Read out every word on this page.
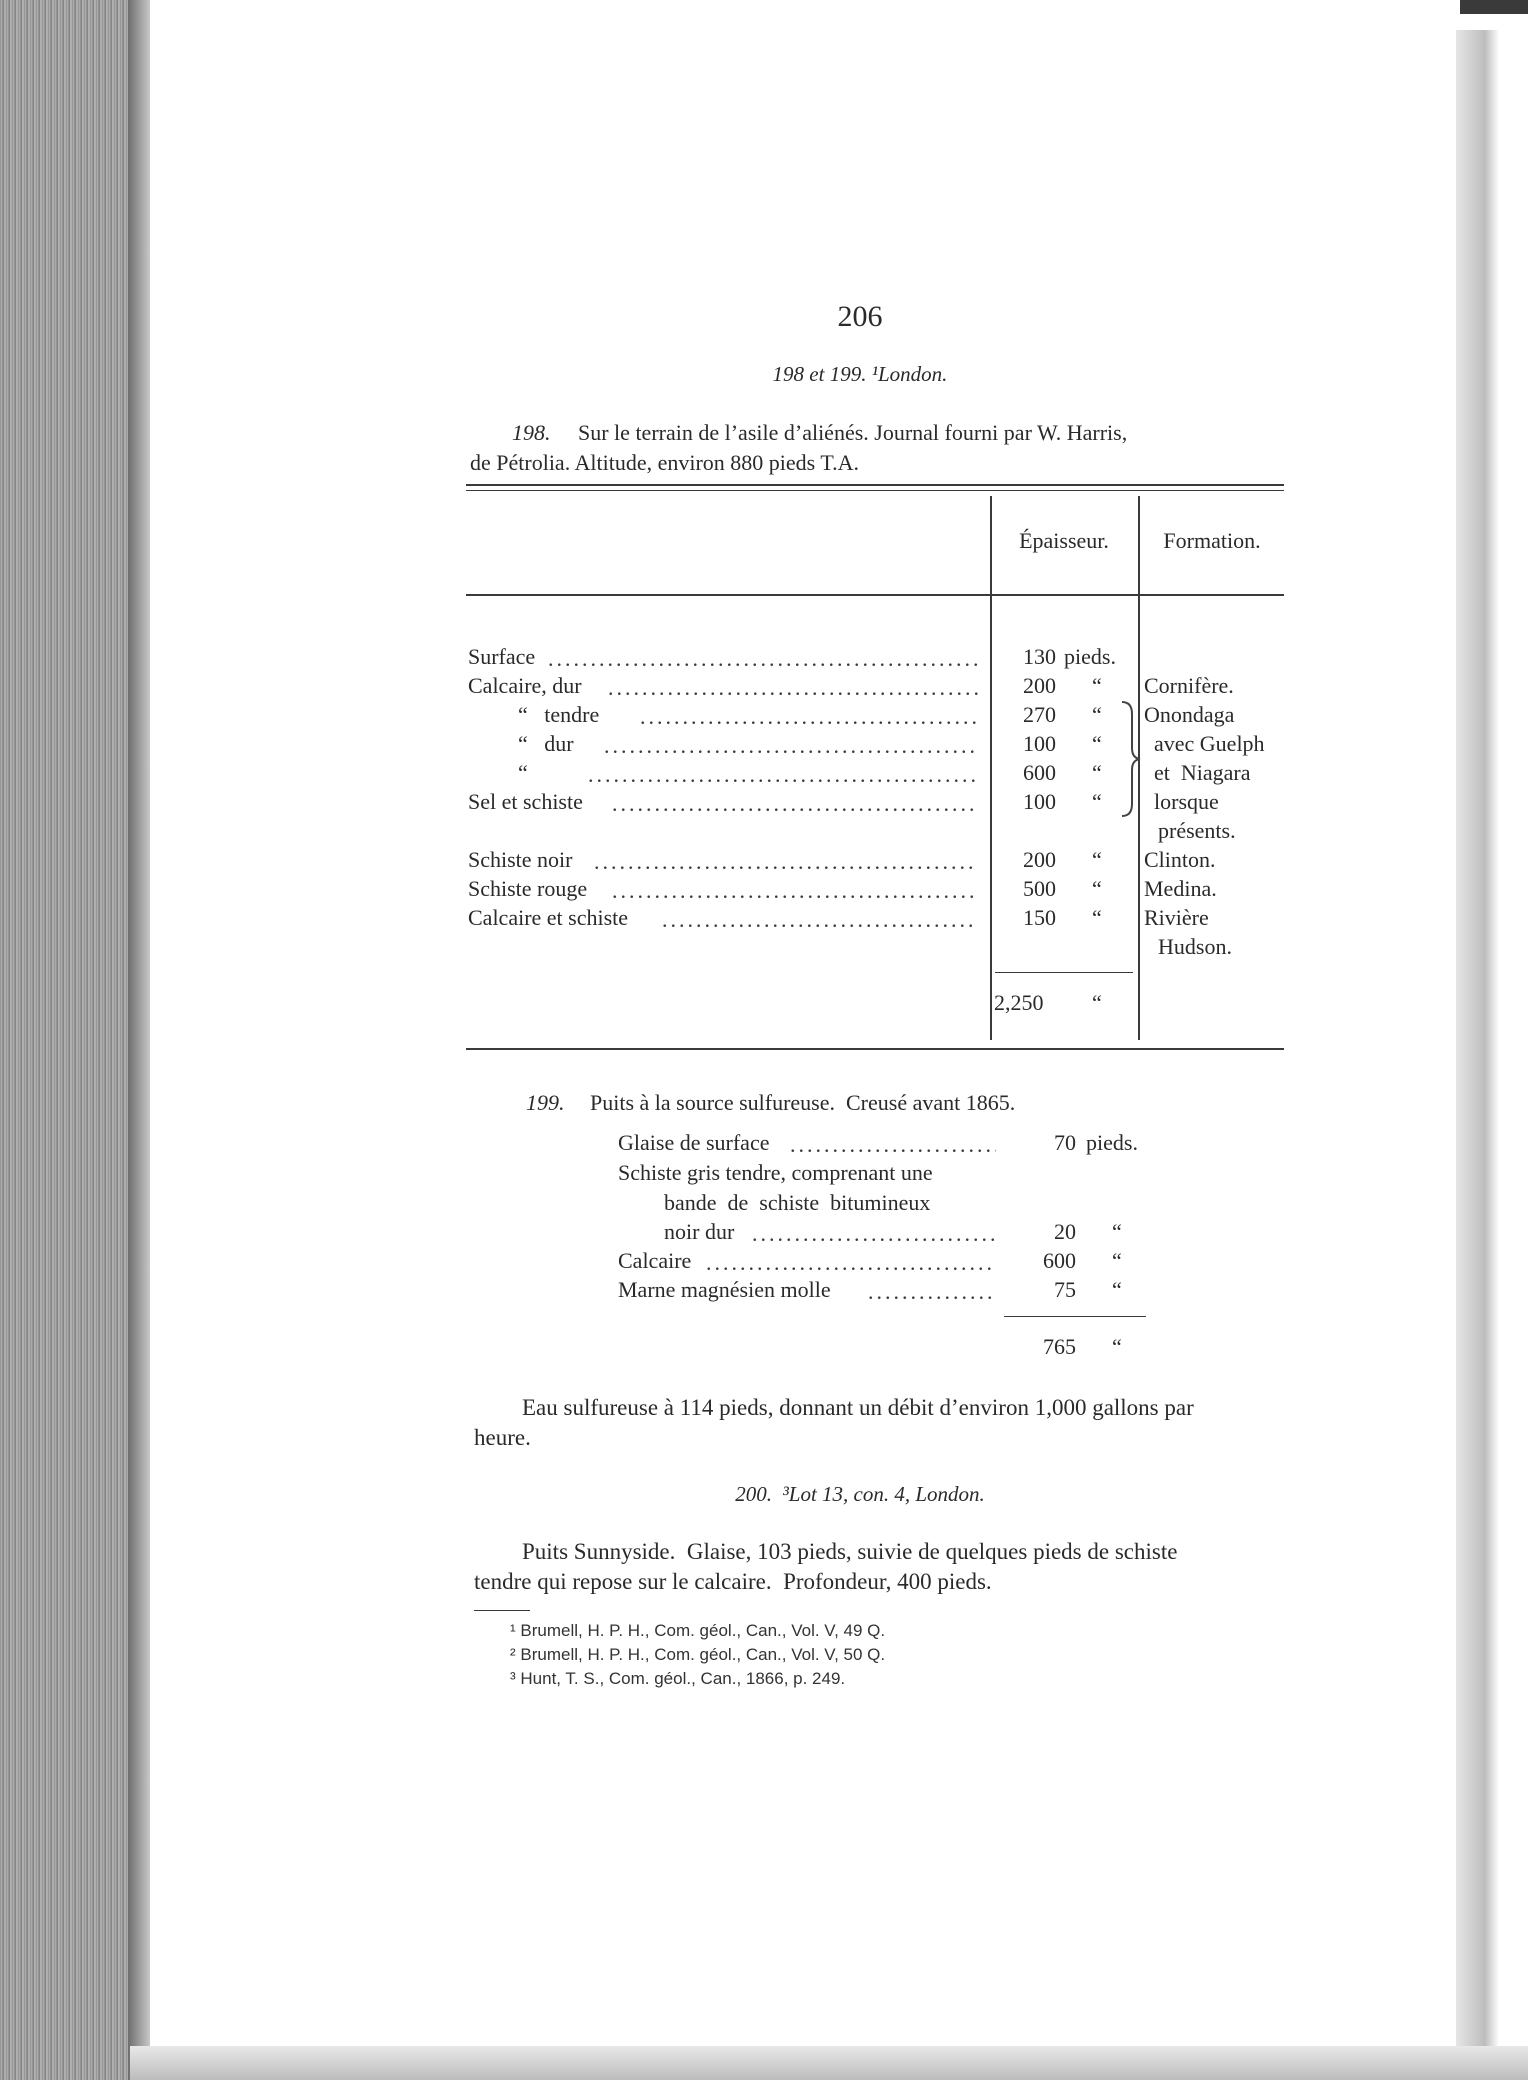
206
198 et 199. ¹London.
198. Sur le terrain de l’asile d’aliénés. Journal fourni par W. Harris,
de Pétrolia. Altitude, environ 880 pieds T.A.
Épaisseur.	Formation.
Surface .....	130 pieds.
Calcaire, dur .....	200 “ Cornifère.
“   tendre .....	270 “ Onondaga
“   dur .....	100 “ avec Guelph
“ .....	600 “ et  Niagara
Sel et schiste .....	100 “ lorsque
présents.
Schiste noir .....	200 “ Clinton.
Schiste rouge .....	500 “ Medina.
Calcaire et schiste .....	150 “ Rivière
Hudson.
2,250 “
199. Puits à la source sulfureuse.  Creusé avant 1865.
Glaise de surface .....	70 pieds.
Schiste gris tendre, comprenant une
bande  de  schiste  bitumineux
noir dur .....	20 “
Calcaire .....	600 “
Marne magnésien molle .....	75 “
765 “
Eau sulfureuse à 114 pieds, donnant un débit d’environ 1,000 gallons par
heure.
200.  ³Lot 13, con. 4, London.
Puits Sunnyside.  Glaise, 103 pieds, suivie de quelques pieds de schiste
tendre qui repose sur le calcaire.  Profondeur, 400 pieds.
¹ Brumell, H. P. H., Com. géol., Can., Vol. V, 49 Q.
² Brumell, H. P. H., Com. géol., Can., Vol. V, 50 Q.
³ Hunt, T. S., Com. géol., Can., 1866, p. 249.
